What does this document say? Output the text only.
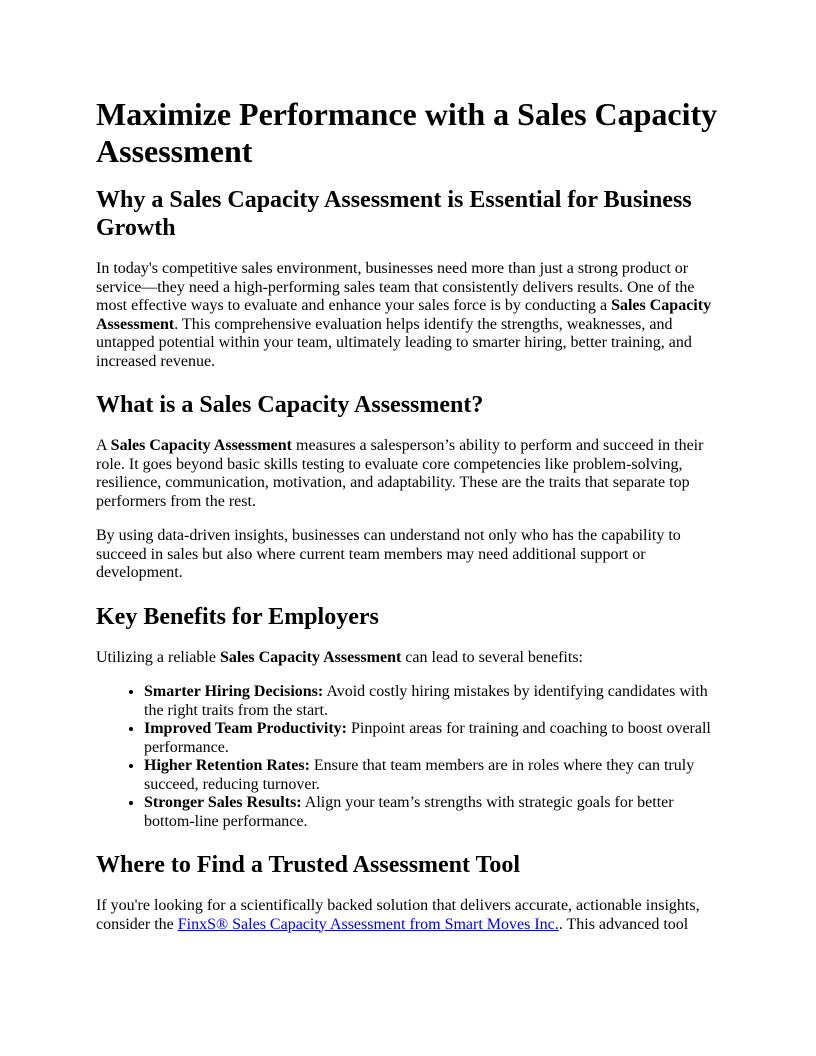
Maximize Performance with a Sales Capacity Assessment
Why a Sales Capacity Assessment is Essential for Business Growth

In today's competitive sales environment, businesses need more than just a strong product or service—they need a high-performing sales team that consistently delivers results. One of the most effective ways to evaluate and enhance your sales force is by conducting a Sales Capacity Assessment. This comprehensive evaluation helps identify the strengths, weaknesses, and untapped potential within your team, ultimately leading to smarter hiring, better training, and increased revenue.

What is a Sales Capacity Assessment?

A Sales Capacity Assessment measures a salesperson’s ability to perform and succeed in their role. It goes beyond basic skills testing to evaluate core competencies like problem-solving, resilience, communication, motivation, and adaptability. These are the traits that separate top performers from the rest.

By using data-driven insights, businesses can understand not only who has the capability to succeed in sales but also where current team members may need additional support or development.

Key Benefits for Employers

Utilizing a reliable Sales Capacity Assessment can lead to several benefits:

• Smarter Hiring Decisions: Avoid costly hiring mistakes by identifying candidates with the right traits from the start.
• Improved Team Productivity: Pinpoint areas for training and coaching to boost overall performance.
• Higher Retention Rates: Ensure that team members are in roles where they can truly succeed, reducing turnover.
• Stronger Sales Results: Align your team’s strengths with strategic goals for better bottom-line performance.
Where to Find a Trusted Assessment Tool

If you're looking for a scientifically backed solution that delivers accurate, actionable insights, consider the FinxS® Sales Capacity Assessment from Smart Moves Inc.. This advanced tool
